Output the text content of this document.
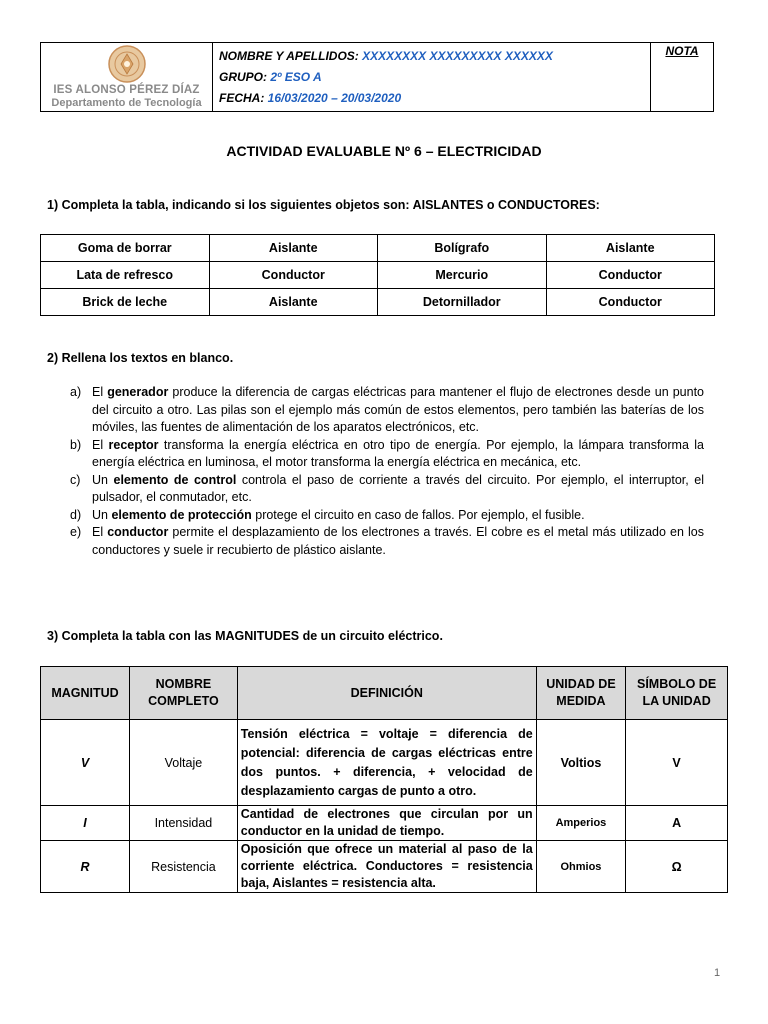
IES ALONSO PÉREZ DÍAZ
Departamento de Tecnología
NOMBRE Y APELLIDOS: XXXXXXXX XXXXXXXXX XXXXXX
GRUPO: 2º ESO A
FECHA: 16/03/2020 – 20/03/2020
NOTA
ACTIVIDAD EVALUABLE Nº 6 – ELECTRICIDAD
1) Completa la tabla, indicando si los siguientes objetos son: AISLANTES o CONDUCTORES:
Goma de borrar	Aislante	Bolígrafo	Aislante
Lata de refresco	Conductor	Mercurio	Conductor
Brick de leche	Aislante	Detornillador	Conductor
2) Rellena los textos en blanco.
a) El generador produce la diferencia de cargas eléctricas para mantener el flujo de electrones desde un punto del circuito a otro. Las pilas son el ejemplo más común de estos elementos, pero también las baterías de los móviles, las fuentes de alimentación de los aparatos electrónicos, etc.
b) El receptor transforma la energía eléctrica en otro tipo de energía. Por ejemplo, la lámpara transforma la energía eléctrica en luminosa, el motor transforma la energía eléctrica en mecánica, etc.
c) Un elemento de control controla el paso de corriente a través del circuito. Por ejemplo, el interruptor, el pulsador, el conmutador, etc.
d) Un elemento de protección protege el circuito en caso de fallos. Por ejemplo, el fusible.
e) El conductor permite el desplazamiento de los electrones a través. El cobre es el metal más utilizado en los conductores y suele ir recubierto de plástico aislante.
3) Completa la tabla con las MAGNITUDES de un circuito eléctrico.
MAGNITUD	NOMBRE COMPLETO	DEFINICIÓN	UNIDAD DE MEDIDA	SÍMBOLO DE LA UNIDAD
V	Voltaje	Tensión eléctrica = voltaje = diferencia de potencial: diferencia de cargas eléctricas entre dos puntos. + diferencia, + velocidad de desplazamiento cargas de punto a otro.	Voltios	V
I	Intensidad	Cantidad de electrones que circulan por un conductor en la unidad de tiempo.	Amperios	A
R	Resistencia	Oposición que ofrece un material al paso de la corriente eléctrica. Conductores = resistencia baja, Aislantes = resistencia alta.	Ohmios	Ω
1
